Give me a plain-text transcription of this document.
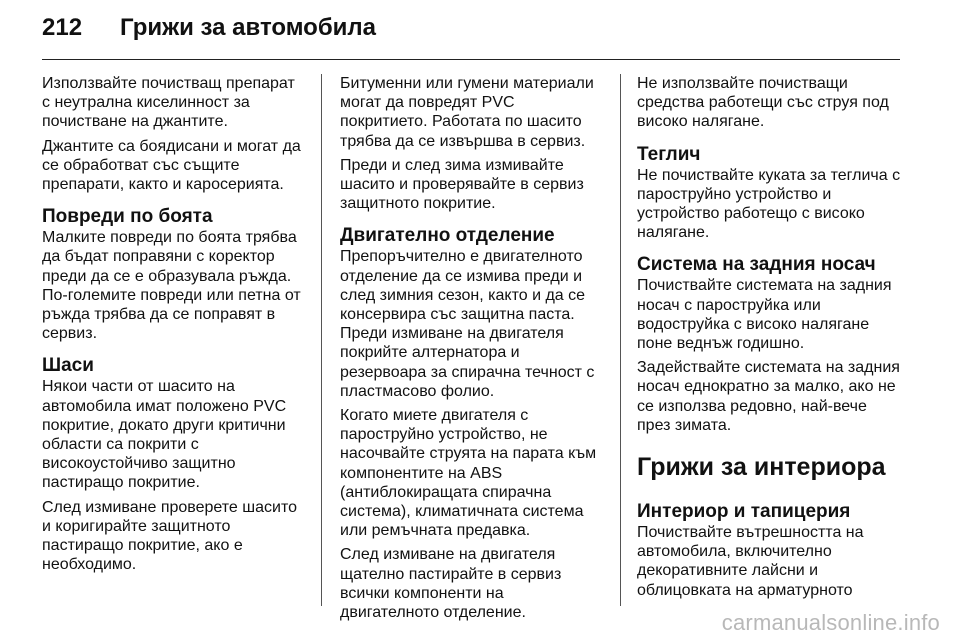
212	Грижи за автомобила

Използвайте почистващ препарат
с неутрална киселинност за
почистване на джантите.

Джантите са боядисани и могат да
се обработват със същите
препарати, както и каросерията.

Повреди по боята

Малките повреди по боята трябва
да бъдат поправяни с коректор
преди да се е образувала ръжда.
По-големите повреди или петна от
ръжда трябва да се поправят в
сервиз.

Шаси

Някои части от шасито на
автомобила имат положено PVC
покритие, докато други критични
области са покрити с
високоустойчиво защитно
пастиращо покритие.

След измиване проверете шасито
и коригирайте защитното
пастиращо покритие, ако е
необходимо.

Битуменни или гумени материали
могат да повредят PVC
покритието. Работата по шасито
трябва да се извършва в сервиз.

Преди и след зима измивайте
шасито и проверявайте в сервиз
защитното покритие.

Двигателно отделение

Препоръчително е двигателното
отделение да се измива преди и
след зимния сезон, както и да се
консервира със защитна паста.
Преди измиване на двигателя
покрийте алтернатора и
резервоара за спирачна течност с
пластмасово фолио.

Когато миете двигателя с
пароструйно устройство, не
насочвайте струята на парата към
компонентите на ABS
(антиблокиращата спирачна
система), климатичната система
или ремъчната предавка.

След измиване на двигателя
щателно пастирайте в сервиз
всички компоненти на
двигателното отделение.

Не използвайте почистващи
средства работещи със струя под
високо налягане.

Теглич

Не почиствайте куката за теглича с
пароструйно устройство и
устройство работещо с високо
налягане.

Система на задния носач

Почиствайте системата на задния
носач с пароструйка или
водоструйка с високо налягане
поне веднъж годишно.

Задействайте системата на задния
носач еднократно за малко, ако не
се използва редовно, най-вече
през зимата.

Грижи за интериора
Интериор и тапицерия

Почиствайте вътрешността на
автомобила, включително
декоративните лайсни и
облицовката на арматурното

carmanualsonline.info
